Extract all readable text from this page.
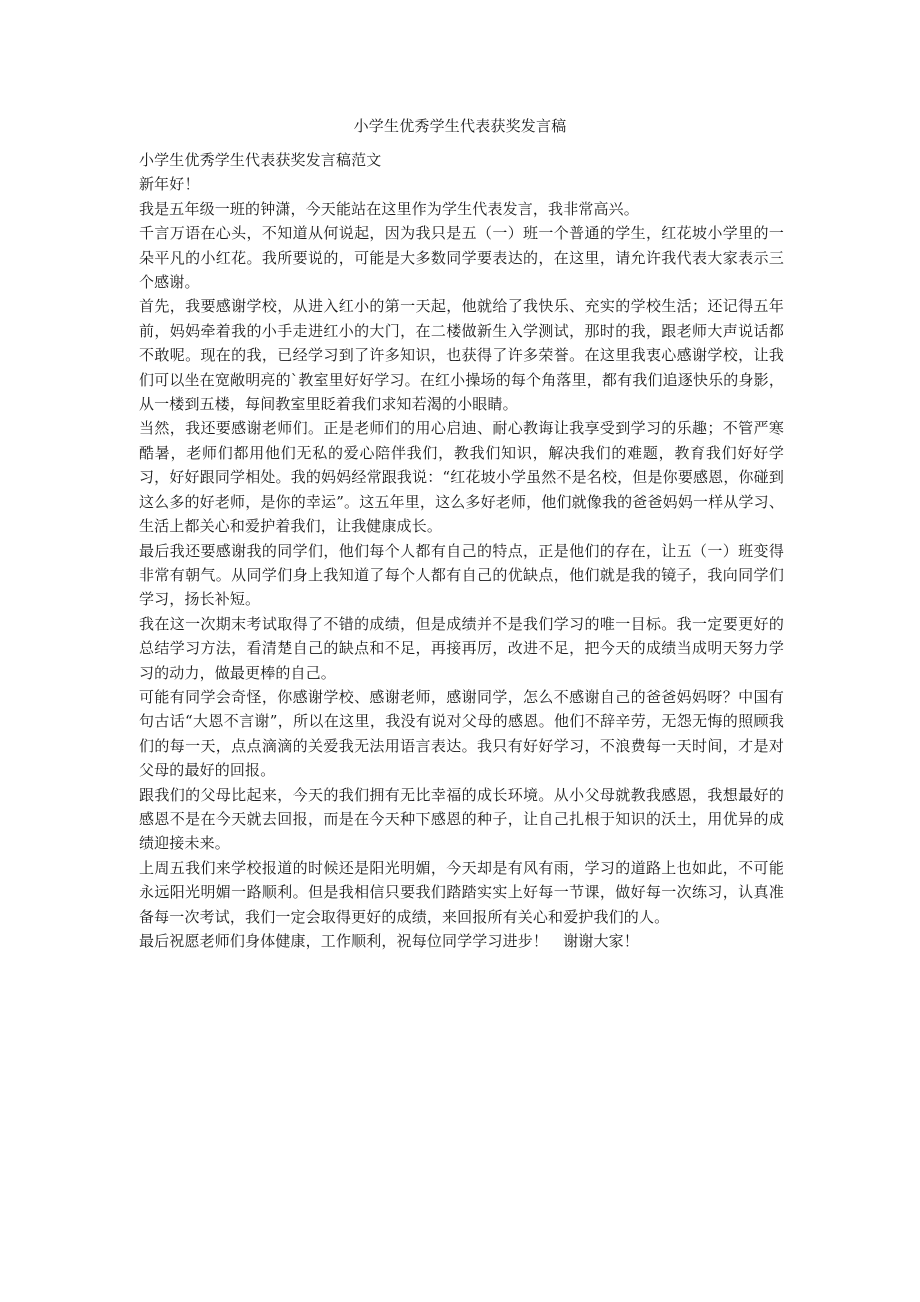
小学生优秀学生代表获奖发言稿

小学生优秀学生代表获奖发言稿范文

新年好！

我是五年级一班的钟潇，今天能站在这里作为学生代表发言，我非常高兴。

千言万语在心头，不知道从何说起，因为我只是五（一）班一个普通的学生，红花坡小学里的一朵平凡的小红花。我所要说的，可能是大多数同学要表达的，在这里，请允许我代表大家表示三个感谢。

首先，我要感谢学校，从进入红小的第一天起，他就给了我快乐、充实的学校生活；还记得五年前，妈妈牵着我的小手走进红小的大门，在二楼做新生入学测试，那时的我，跟老师大声说话都不敢呢。现在的我，已经学习到了许多知识，也获得了许多荣誉。在这里我衷心感谢学校，让我们可以坐在宽敞明亮的`教室里好好学习。在红小操场的每个角落里，都有我们追逐快乐的身影，从一楼到五楼，每间教室里眨着我们求知若渴的小眼睛。

当然，我还要感谢老师们。正是老师们的用心启迪、耐心教诲让我享受到学习的乐趣；不管严寒酷暑，老师们都用他们无私的爱心陪伴我们，教我们知识，解决我们的难题，教育我们好好学习，好好跟同学相处。我的妈妈经常跟我说：“红花坡小学虽然不是名校，但是你要感恩，你碰到这么多的好老师，是你的幸运”。这五年里，这么多好老师，他们就像我的爸爸妈妈一样从学习、生活上都关心和爱护着我们，让我健康成长。

最后我还要感谢我的同学们，他们每个人都有自己的特点，正是他们的存在，让五（一）班变得非常有朝气。从同学们身上我知道了每个人都有自己的优缺点，他们就是我的镜子，我向同学们学习，扬长补短。

我在这一次期末考试取得了不错的成绩，但是成绩并不是我们学习的唯一目标。我一定要更好的总结学习方法，看清楚自己的缺点和不足，再接再厉，改进不足，把今天的成绩当成明天努力学习的动力，做最更棒的自己。

可能有同学会奇怪，你感谢学校、感谢老师，感谢同学，怎么不感谢自己的爸爸妈妈呀？中国有句古话“大恩不言谢”，所以在这里，我没有说对父母的感恩。他们不辞辛劳，无怨无悔的照顾我们的每一天，点点滴滴的关爱我无法用语言表达。我只有好好学习，不浪费每一天时间，才是对父母的最好的回报。

跟我们的父母比起来，今天的我们拥有无比幸福的成长环境。从小父母就教我感恩，我想最好的感恩不是在今天就去回报，而是在今天种下感恩的种子，让自己扎根于知识的沃土，用优异的成绩迎接未来。

上周五我们来学校报道的时候还是阳光明媚，今天却是有风有雨，学习的道路上也如此，不可能永远阳光明媚一路顺利。但是我相信只要我们踏踏实实上好每一节课，做好每一次练习，认真准备每一次考试，我们一定会取得更好的成绩，来回报所有关心和爱护我们的人。

最后祝愿老师们身体健康，工作顺利，祝每位同学学习进步！　谢谢大家！
